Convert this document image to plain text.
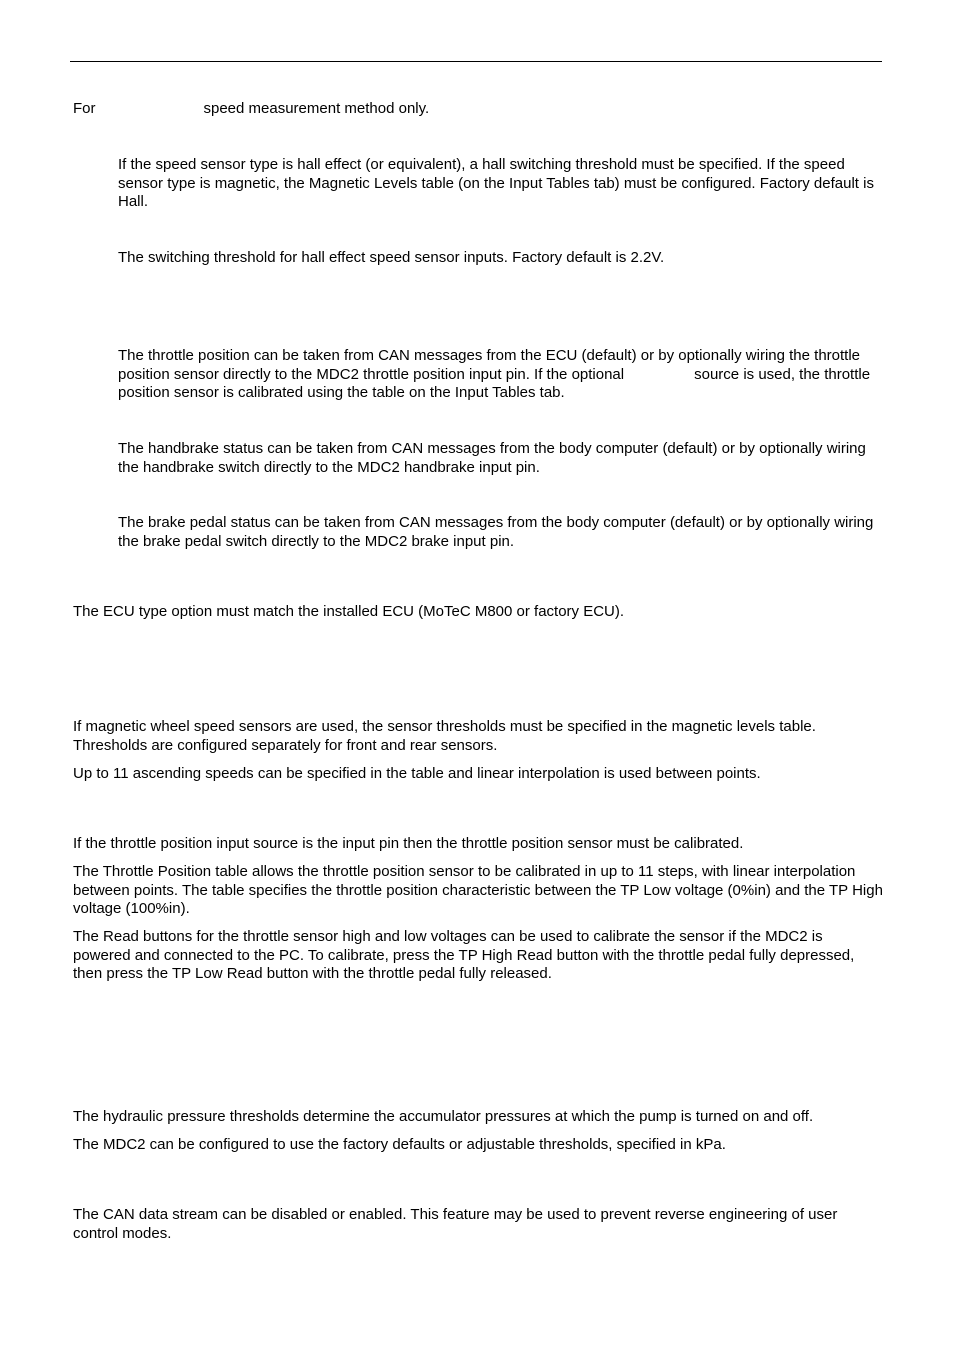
For	speed measurement method only.

If the speed sensor type is hall effect (or equivalent), a hall switching threshold must be specified. If the speed sensor type is magnetic, the Magnetic Levels table (on the Input Tables tab) must be configured. Factory default is Hall.

The switching threshold for hall effect speed sensor inputs. Factory default is 2.2V.

The throttle position can be taken from CAN messages from the ECU (default) or by optionally wiring the throttle position sensor directly to the MDC2 throttle position input pin. If the optional	source is used, the throttle position sensor is calibrated using the table on the Input Tables tab.

The handbrake status can be taken from CAN messages from the body computer (default) or by optionally wiring the handbrake switch directly to the MDC2 handbrake input pin.

The brake pedal status can be taken from CAN messages from the body computer (default) or by optionally wiring the brake pedal switch directly to the MDC2 brake input pin.

The ECU type option must match the installed ECU (MoTeC M800 or factory ECU).

If magnetic wheel speed sensors are used, the sensor thresholds must be specified in the magnetic levels table. Thresholds are configured separately for front and rear sensors.

Up to 11 ascending speeds can be specified in the table and linear interpolation is used between points.

If the throttle position input source is the input pin then the throttle position sensor must be calibrated.

The Throttle Position table allows the throttle position sensor to be calibrated in up to 11 steps, with linear interpolation between points. The table specifies the throttle position characteristic between the TP Low voltage (0%in) and the TP High voltage (100%in).

The Read buttons for the throttle sensor high and low voltages can be used to calibrate the sensor if the MDC2 is powered and connected to the PC. To calibrate, press the TP High Read button with the throttle pedal fully depressed, then press the TP Low Read button with the throttle pedal fully released.

The hydraulic pressure thresholds determine the accumulator pressures at which the pump is turned on and off.

The MDC2 can be configured to use the factory defaults or adjustable thresholds, specified in kPa.

The CAN data stream can be disabled or enabled. This feature may be used to prevent reverse engineering of user control modes.
